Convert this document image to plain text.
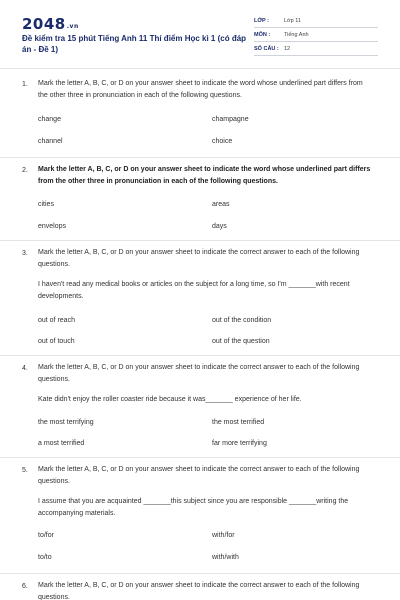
2048.vn
Đề kiểm tra 15 phút Tiếng Anh 11 Thí điểm Học kì 1 (có đáp án - Đề 1)
LỚP :	Lớp 11
MÔN :	Tiếng Anh
SỐ CÂU : 12
1. Mark the letter A, B, C, or D on your answer sheet to indicate the word whose underlined part differs from the other three in pronunciation in each of the following questions.
change	champagne
channel	choice
2. Mark the letter A, B, C, or D on your answer sheet to indicate the word whose underlined part differs from the other three in pronunciation in each of the following questions.
cities	areas
envelops	days
3. Mark the letter A, B, C, or D on your answer sheet to indicate the correct answer to each of the following questions.
I haven't read any medical books or articles on the subject for a long time, so I'm _______with recent developments.
out of reach	out of the condition
out of touch	out of the question
4. Mark the letter A, B, C, or D on your answer sheet to indicate the correct answer to each of the following questions.
Kate didn't enjoy the roller coaster ride because it was_______ experience of her life.
the most terrifying	the most terrified
a most terrified	far more terrifying
5. Mark the letter A, B, C, or D on your answer sheet to indicate the correct answer to each of the following questions.
I assume that you are acquainted _______this subject since you are responsible _______writing the accompanying materials.
to/for	with/for
to/to	with/with
6. Mark the letter A, B, C, or D on your answer sheet to indicate the correct answer to each of the following questions.
